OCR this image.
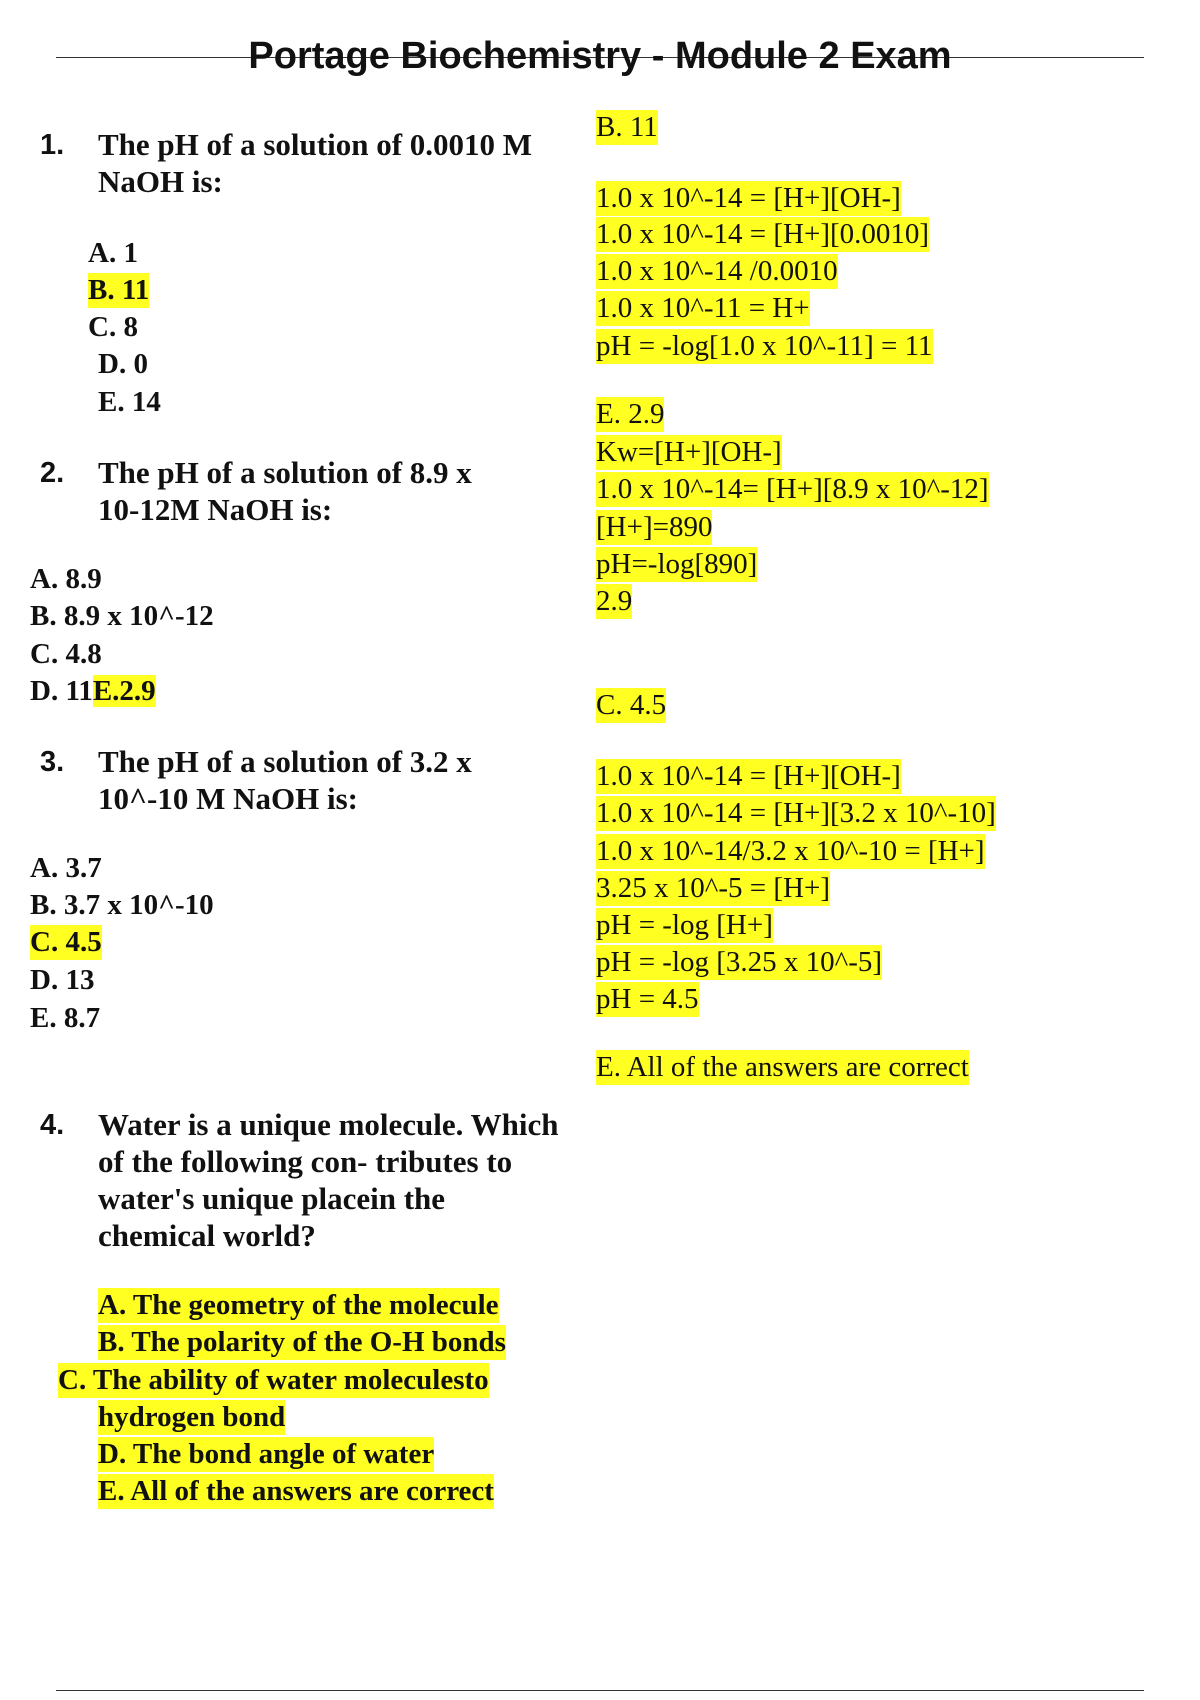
Portage Biochemistry - Module 2 Exam
1. The pH of a solution of 0.0010 M
NaOH is:
A. 1
B. 11
C. 8
D. 0
E. 14
2. The pH of a solution of 8.9 x
10-12M NaOH is:
A. 8.9
B. 8.9 x 10^-12
C. 4.8
D. 11E.2.9
3. The pH of a solution of 3.2 x
10^-10 M NaOH is:
A. 3.7
B. 3.7 x 10^-10
C. 4.5
D. 13
E. 8.7
4. Water is a unique molecule. Which
of the following con- tributes to
water's unique placein the
chemical world?
A. The geometry of the molecule
B. The polarity of the O-H bonds
C. The ability of water moleculesto
hydrogen bond
D. The bond angle of water
E. All of the answers are correct
B. 11
1.0 x 10^-14 = [H+][OH-]
1.0 x 10^-14 = [H+][0.0010]
1.0 x 10^-14 /0.0010
1.0 x 10^-11 = H+
pH = -log[1.0 x 10^-11] = 11
E. 2.9
Kw=[H+][OH-]
1.0 x 10^-14= [H+][8.9 x 10^-12]
[H+]=890
pH=-log[890]
2.9
C. 4.5
1.0 x 10^-14 = [H+][OH-]
1.0 x 10^-14 = [H+][3.2 x 10^-10]
1.0 x 10^-14/3.2 x 10^-10 = [H+]
3.25 x 10^-5 = [H+]
pH = -log [H+]
pH = -log [3.25 x 10^-5]
pH = 4.5
E. All of the answers are correct
